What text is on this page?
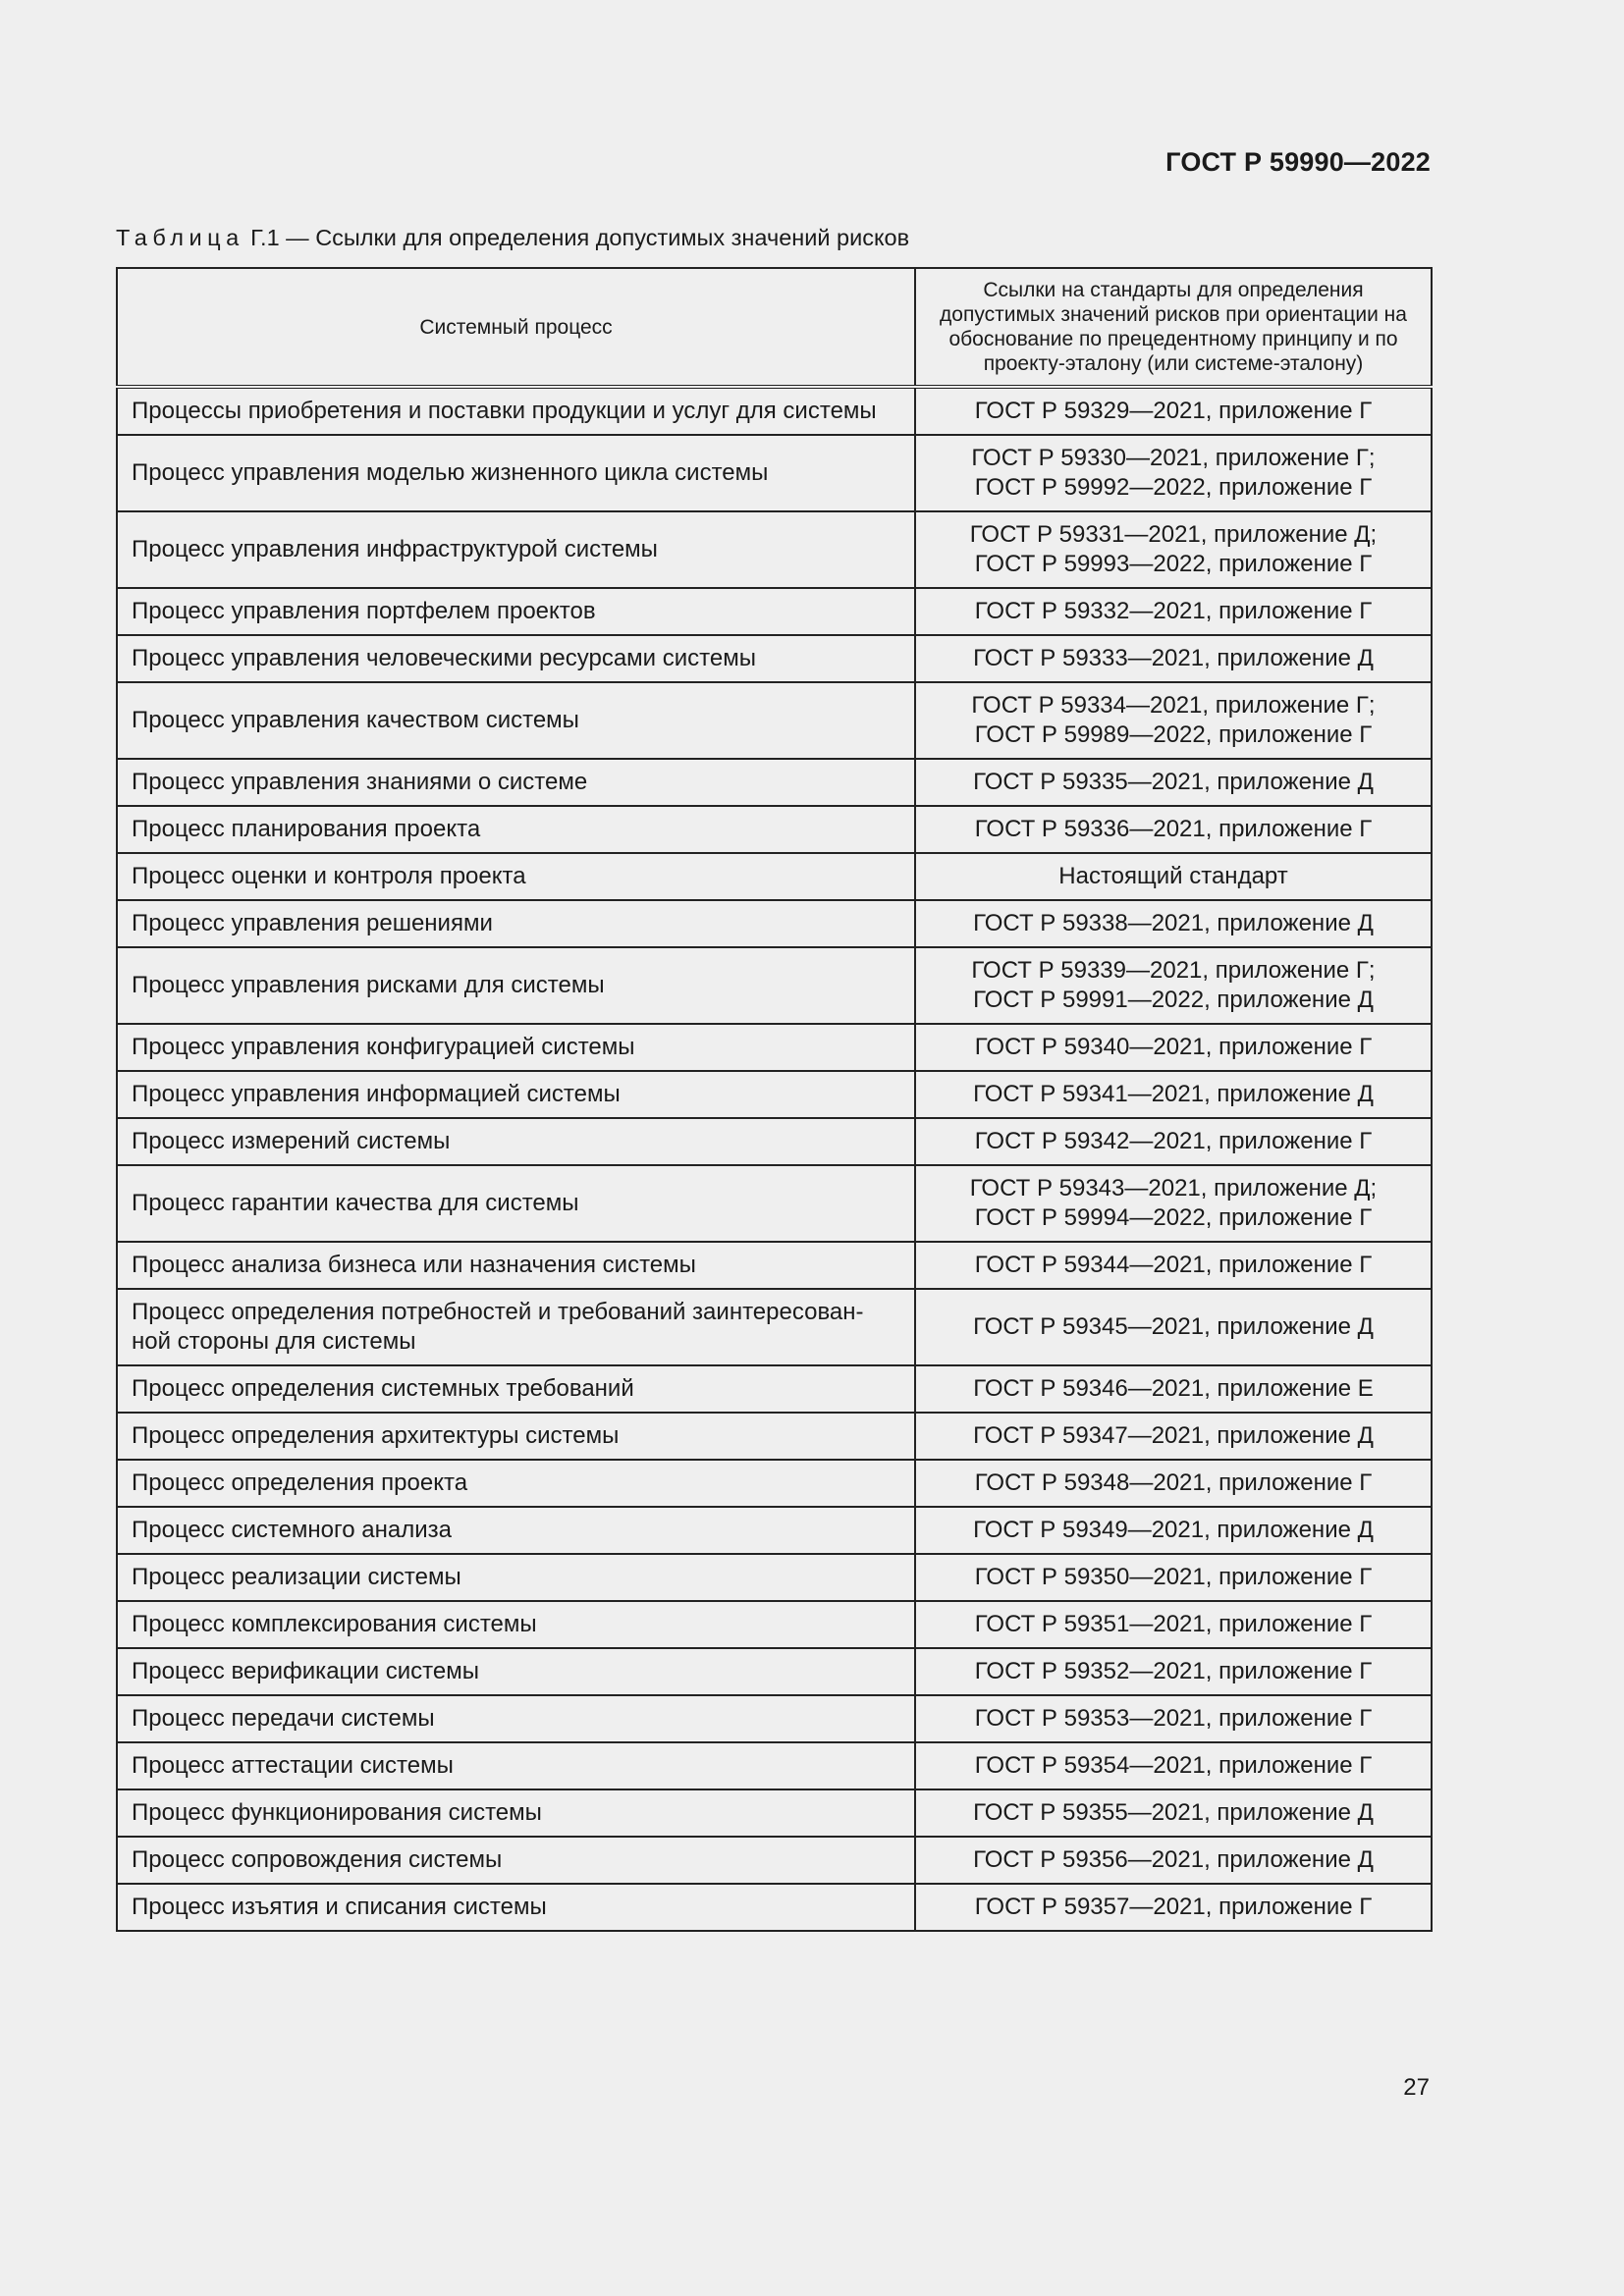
ГОСТ Р 59990—2022
Таблица Г.1 — Ссылки для определения допустимых значений рисков
Системный процесс	Ссылки на стандарты для определения допустимых значений рисков при ориентации на обоснование по прецедентному принципу и по проекту-эталону (или системе-эталону)
Процессы приобретения и поставки продукции и услуг для системы	ГОСТ Р 59329—2021, приложение Г

Процесс управления моделью жизненного цикла системы	ГОСТ Р 59330—2021, приложение Г;
ГОСТ Р 59992—2022, приложение Г

Процесс управления инфраструктурой системы	ГОСТ Р 59331—2021, приложение Д;
ГОСТ Р 59993—2022, приложение Г

Процесс управления портфелем проектов	ГОСТ Р 59332—2021, приложение Г

Процесс управления человеческими ресурсами системы	ГОСТ Р 59333—2021, приложение Д

Процесс управления качеством системы	ГОСТ Р 59334—2021, приложение Г;
ГОСТ Р 59989—2022, приложение Г

Процесс управления знаниями о системе	ГОСТ Р 59335—2021, приложение Д

Процесс планирования проекта	ГОСТ Р 59336—2021, приложение Г

Процесс оценки и контроля проекта	Настоящий стандарт

Процесс управления решениями	ГОСТ Р 59338—2021, приложение Д

Процесс управления рисками для системы	ГОСТ Р 59339—2021, приложение Г;
ГОСТ Р 59991—2022, приложение Д

Процесс управления конфигурацией системы	ГОСТ Р 59340—2021, приложение Г

Процесс управления информацией системы	ГОСТ Р 59341—2021, приложение Д

Процесс измерений системы	ГОСТ Р 59342—2021, приложение Г

Процесс гарантии качества для системы	ГОСТ Р 59343—2021, приложение Д;
ГОСТ Р 59994—2022, приложение Г

Процесс анализа бизнеса или назначения системы	ГОСТ Р 59344—2021, приложение Г

Процесс определения потребностей и требований заинтересован-ной стороны для системы	ГОСТ Р 59345—2021, приложение Д

Процесс определения системных требований	ГОСТ Р 59346—2021, приложение Е

Процесс определения архитектуры системы	ГОСТ Р 59347—2021, приложение Д

Процесс определения проекта	ГОСТ Р 59348—2021, приложение Г

Процесс системного анализа	ГОСТ Р 59349—2021, приложение Д

Процесс реализации системы	ГОСТ Р 59350—2021, приложение Г

Процесс комплексирования системы	ГОСТ Р 59351—2021, приложение Г

Процесс верификации системы	ГОСТ Р 59352—2021, приложение Г

Процесс передачи системы	ГОСТ Р 59353—2021, приложение Г

Процесс аттестации системы	ГОСТ Р 59354—2021, приложение Г

Процесс функционирования системы	ГОСТ Р 59355—2021, приложение Д

Процесс сопровождения системы	ГОСТ Р 59356—2021, приложение Д

Процесс изъятия и списания системы	ГОСТ Р 59357—2021, приложение Г
27
